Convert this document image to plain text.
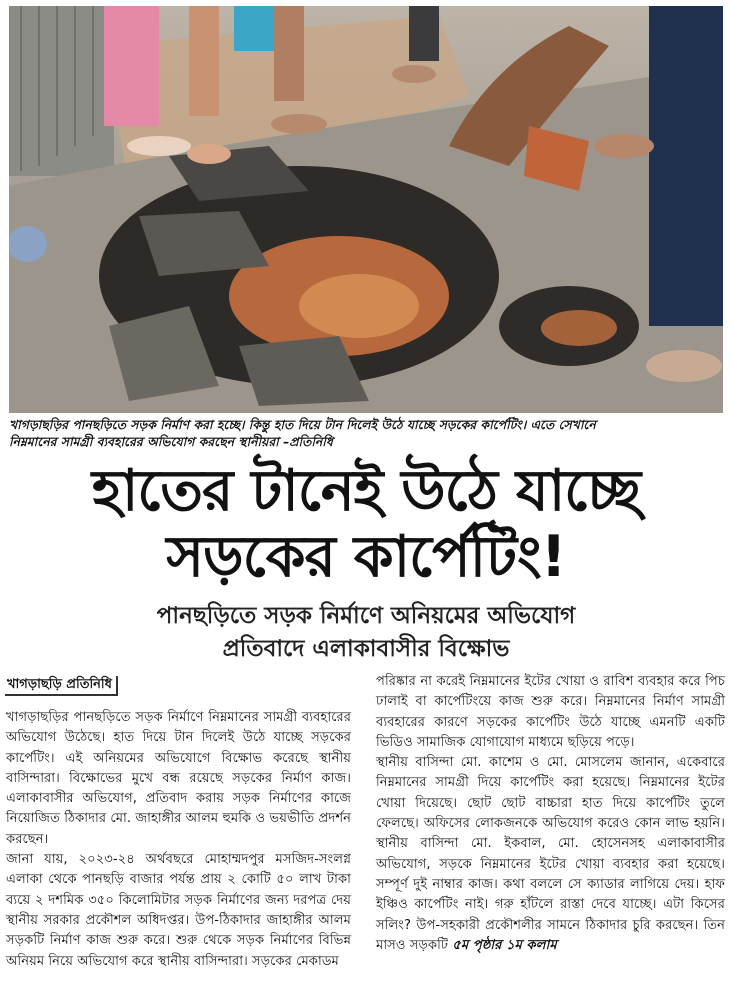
খাগড়াছড়ির পানছড়িতে সড়ক নির্মাণ করা হচ্ছে। কিন্তু হাত দিয়ে টান দিলেই উঠে যাচ্ছে সড়কের কার্পেটিং। এতে সেখানে
নিম্নমানের সামগ্রী ব্যবহারের অভিযোগ করছেন স্থানীয়রা –প্রতিনিধি
হাতের টানেই উঠে যাচ্ছে
সড়কের কার্পেটিং!
পানছড়িতে সড়ক নির্মাণে অনিয়মের অভিযোগ
প্রতিবাদে এলাকাবাসীর বিক্ষোভ
খাগড়াছড়ি প্রতিনিধি

খাগড়াছড়ির পানছড়িতে সড়ক নির্মাণে নিম্নমানের সামগ্রী ব্যবহারের অভিযোগ উঠেছে। হাত দিয়ে টান দিলেই উঠে যাচ্ছে সড়কের কার্পেটিং। এই অনিয়মের অভিযোগে বিক্ষোভ করেছে স্থানীয় বাসিন্দারা। বিক্ষোভের মুখে বন্ধ রয়েছে সড়কের নির্মাণ কাজ। এলাকাবাসীর অভিযোগ, প্রতিবাদ করায় সড়ক নির্মাণের কাজে নিয়োজিত ঠিকাদার মো. জাহাঙ্গীর আলম হুমকি ও ভয়ভীতি প্রদর্শন করছেন।

জানা যায়, ২০২৩-২৪ অর্থবছরে মোহাম্মদপুর মসজিদ-সংলগ্ন এলাকা থেকে পানছড়ি বাজার পর্যন্ত প্রায় ২ কোটি ৫০ লাখ টাকা ব্যয়ে ২ দশমিক ৩৫০ কিলোমিটার সড়ক নির্মাণের জন্য দরপত্র দেয় স্থানীয় সরকার প্রকৌশল অধিদপ্তর। উপ-ঠিকাদার জাহাঙ্গীর আলম সড়কটি নির্মাণ কাজ শুরু করে। শুরু থেকে সড়ক নির্মাণের বিভিন্ন অনিয়ম নিয়ে অভিযোগ করে স্থানীয় বাসিন্দারা। সড়কের মেকাডম

পরিষ্কার না করেই নিম্নমানের ইটের খোয়া ও রাবিশ ব্যবহার করে পিচ ঢালাই বা কার্পেটিংয়ে কাজ শুরু করে। নিম্নমানের নির্মাণ সামগ্রী ব্যবহারের কারণে সড়কের কার্পেটিং উঠে যাচ্ছে এমনটি একটি ভিডিও সামাজিক যোগাযোগ মাধ্যমে ছড়িয়ে পড়ে।

স্থানীয় বাসিন্দা মো. কাশেম ও মো. মোসলেম জানান, একেবারে নিম্নমানের সামগ্রী দিয়ে কার্পেটিং করা হয়েছে। নিম্নমানের ইটের খোয়া দিয়েছে। ছোট ছোট বাচ্চারা হাত দিয়ে কার্পেটিং তুলে ফেলছে। অফিসের লোকজনকে অভিযোগ করেও কোন লাভ হয়নি। স্থানীয় বাসিন্দা মো. ইকবাল, মো. হোসেনসহ এলাকাবাসীর অভিযোগ, সড়কে নিম্নমানের ইটের খোয়া ব্যবহার করা হয়েছে। সম্পূর্ণ দুই নাম্বার কাজ। কথা বললে সে ক্যাডার লাগিয়ে দেয়। হাফ ইঞ্চিও কার্পেটিং নাই। গরু হাঁটলে রাস্তা দেবে যাচ্ছে। এটা কিসের সলিং? উপ-সহকারী প্রকৌশলীর সামনে ঠিকাদার চুরি করছেন। তিন মাসও সড়কটি ৫ম পৃষ্ঠার ১ম কলাম
